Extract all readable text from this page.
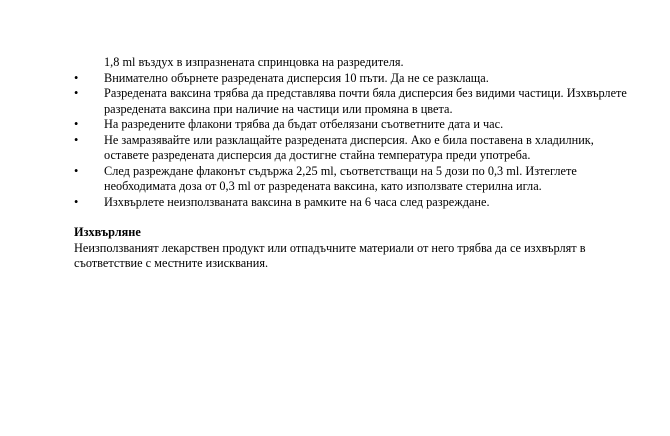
1,8 ml въздух в изпразнената спринцовка на разредителя.
•	Внимателно обърнете разредената дисперсия 10 пъти. Да не се разклаща.
•	Разредената ваксина трябва да представлява почти бяла дисперсия без видими частици. Изхвърлете разредената ваксина при наличие на частици или промяна в цвета.
•	На разредените флакони трябва да бъдат отбелязани съответните дата и час.
•	Не замразявайте или разклащайте разредената дисперсия. Ако е била поставена в хладилник, оставете разредената дисперсия да достигне стайна температура преди употреба.
•	След разреждане флаконът съдържа 2,25 ml, съответстващи на 5 дози по 0,3 ml. Изтеглете необходимата доза от 0,3 ml от разредената ваксина, като използвате стерилна игла.
•	Изхвърлете неизползваната ваксина в рамките на 6 часа след разреждане.
Изхвърляне
Неизползваният лекарствен продукт или отпадъчните материали от него трябва да се изхвърлят в съответствие с местните изисквания.
